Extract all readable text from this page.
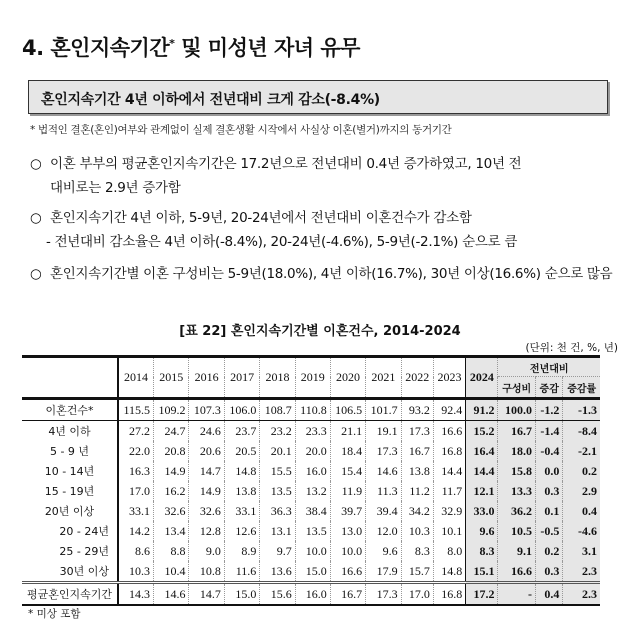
4. 혼인지속기간* 및 미성년 자녀 유무
혼인지속기간 4년 이하에서 전년대비 크게 감소(-8.4%)
* 법적인 결혼(혼인)여부와 관계없이 실제 결혼생활 시작에서 사실상 이혼(별거)까지의 동거기간
○ 이혼 부부의 평균혼인지속기간은 17.2년으로 전년대비 0.4년 증가하였고, 10년 전
대비로는 2.9년 증가함
○ 혼인지속기간 4년 이하, 5-9년, 20-24년에서 전년대비 이혼건수가 감소함
- 전년대비 감소율은 4년 이하(-8.4%), 20-24년(-4.6%), 5-9년(-2.1%) 순으로 큼
○ 혼인지속기간별 이혼 구성비는 5-9년(18.0%), 4년 이하(16.7%), 30년 이상(16.6%) 순으로 많음
[표 22] 혼인지속기간별 이혼건수, 2014-2024
(단위: 천 건, %, 년)
	2014	2015	2016	2017	2018	2019	2020	2021	2022	2023	2024	전년대비		
												구성비	증감	증감률
이혼건수*	115.5	109.2	107.3	106.0	108.7	110.8	106.5	101.7	93.2	92.4	91.2	100.0	-1.2	-1.3
4년 이하	27.2	24.7	24.6	23.7	23.2	23.3	21.1	19.1	17.3	16.6	15.2	16.7	-1.4	-8.4
5 - 9 년	22.0	20.8	20.6	20.5	20.1	20.0	18.4	17.3	16.7	16.8	16.4	18.0	-0.4	-2.1
10 - 14년	16.3	14.9	14.7	14.8	15.5	16.0	15.4	14.6	13.8	14.4	14.4	15.8	0.0	0.2
15 - 19년	17.0	16.2	14.9	13.8	13.5	13.2	11.9	11.3	11.2	11.7	12.1	13.3	0.3	2.9
20년 이상	33.1	32.6	32.6	33.1	36.3	38.4	39.7	39.4	34.2	32.9	33.0	36.2	0.1	0.4
20 - 24년	14.2	13.4	12.8	12.6	13.1	13.5	13.0	12.0	10.3	10.1	9.6	10.5	-0.5	-4.6
25 - 29년	8.6	8.8	9.0	8.9	9.7	10.0	10.0	9.6	8.3	8.0	8.3	9.1	0.2	3.1
30년 이상	10.3	10.4	10.8	11.6	13.6	15.0	16.6	17.9	15.7	14.8	15.1	16.6	0.3	2.3
평균혼인지속기간	14.3	14.6	14.7	15.0	15.6	16.0	16.7	17.3	17.0	16.8	17.2	-	0.4	2.3
* 미상 포함
